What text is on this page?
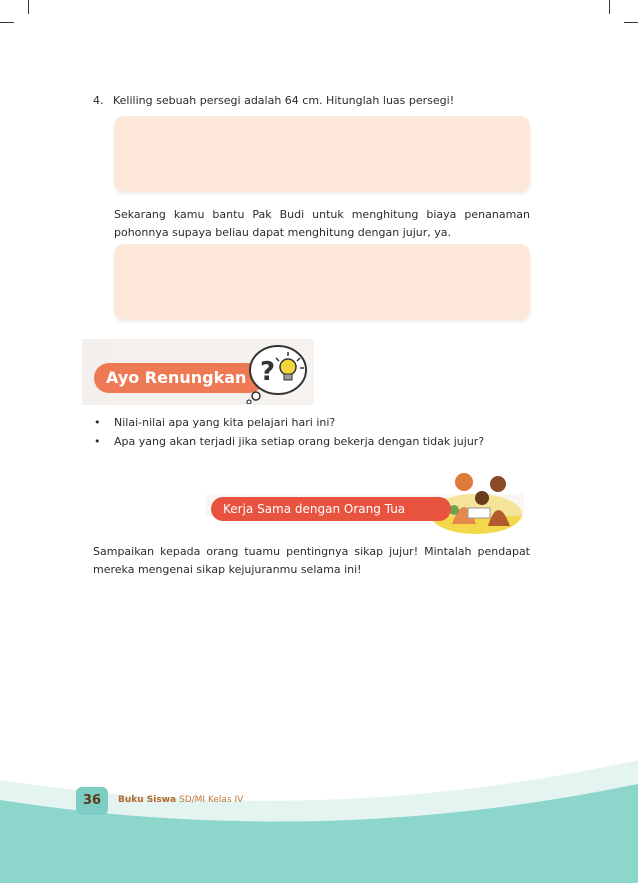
4. Keliling sebuah persegi adalah 64 cm. Hitunglah luas persegi!
Sekarang kamu bantu Pak Budi untuk menghitung biaya penanaman pohonnya supaya beliau dapat menghitung dengan jujur, ya.
Ayo Renungkan ?
•	Nilai-nilai apa yang kita pelajari hari ini?
•	Apa yang akan terjadi jika setiap orang bekerja dengan tidak jujur?
Kerja Sama dengan Orang Tua
Sampaikan kepada orang tuamu pentingnya sikap jujur! Mintalah pendapat mereka mengenai sikap kejujuranmu selama ini!
36	Buku Siswa SD/MI Kelas IV
